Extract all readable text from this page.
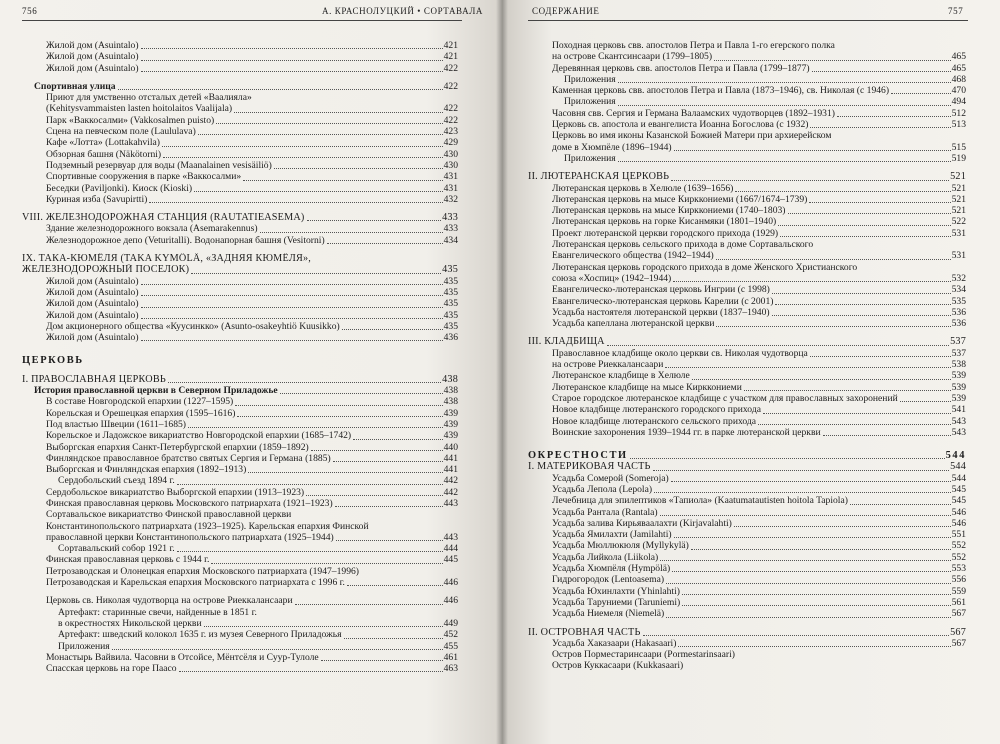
756	А. КРАСНОЛУЦКИЙ • СОРТАВАЛА
Жилой дом (Asuintalo)	421
Жилой дом (Asuintalo)	421
Жилой дом (Asuintalo)	422
Спортивная улица	422
Приют для умственно отсталых детей «Ваалияла»
(Kehitysvammaisten lasten hoitolaitos Vaalijala)	422
Парк «Ваккосалми» (Vakkosalmen puisto)	422
Сцена на певческом поле (Laululava)	423
Кафе «Лотта» (Lottakahvila)	429
Обзорная башня (Näkötorni)	430
Подземный резервуар для воды (Maanalainen vesisäiliö)	430
Спортивные сооружения в парке «Ваккосалми»	431
Беседки (Paviljonki). Киоск (Kioski)	431
Куриная изба (Savupirtti)	432
VIII. ЖЕЛЕЗНОДОРОЖНАЯ СТАНЦИЯ (RAUTATIEASEMA)	433
Здание железнодорожного вокзала (Asemarakennus)	433
Железнодорожное депо (Veturitalli). Водонапорная башня (Vesitorni)	434
IX. ТАКА-КЮМЁЛЯ (TAKA KYMÖLÄ, «ЗАДНЯЯ КЮМЁЛЯ»,
ЖЕЛЕЗНОДОРОЖНЫЙ ПОСЕЛОК)	435
Жилой дом (Asuintalo)	435
Жилой дом (Asuintalo)	435
Жилой дом (Asuintalo)	435
Жилой дом (Asuintalo)	435
Дом акционерного общества «Куусинкко» (Asunto-osakeyhtiö Kuusikko)	435
Жилой дом (Asuintalo)	436
ЦЕРКОВЬ
I. ПРАВОСЛАВНАЯ ЦЕРКОВЬ	438
История православной церкви в Северном Приладожье	438
В составе Новгородской епархии (1227–1595)	438
Корельская и Орешецкая епархия (1595–1616)	439
Под властью Швеции (1611–1685)	439
Корельское и Ладожское викариатство Новгородской епархии (1685–1742)	439
Выборгская епархия Санкт-Петербургской епархии (1859–1892)	440
Финляндское православное братство святых Сергия и Германа (1885)	441
Выборгская и Финляндская епархия (1892–1913)	441
Сердобольский съезд 1894 г.	442
Сердобольское викариатство Выборгской епархии (1913–1923)	442
Финская православная церковь Московского патриархата (1921–1923)	443
Сортавальское викариатство Финской православной церкви
Константинопольского патриархата (1923–1925). Карельская епархия Финской
православной церкви Константинопольского патриархата (1925–1944)	443
Сортавальский собор 1921 г.	444
Финская православная церковь с 1944 г.	445
Петрозаводская и Олонецкая епархия Московского патриархата (1947–1996)
Петрозаводская и Карельская епархия Московского патриархата с 1996 г.	446
Церковь св. Николая чудотворца на острове Риеккалансаари	446
Артефакт: старинные свечи, найденные в 1851 г.
в окрестностях Никольской церкви	449
Артефакт: шведский колокол 1635 г. из музея Северного Приладожья	452
Приложения	455
Монастырь Вайвила. Часовни в Отсойсе, Мёнтсёля и Суур-Тулоле	461
Спасская церковь на горе Паасо	463
СОДЕРЖАНИЕ	757
Походная церковь свв. апостолов Петра и Павла 1-го егерского полка
на острове Скантсинсаари (1799–1805)	465
Деревянная церковь свв. апостолов Петра и Павла (1799–1877)	465
Приложения	468
Каменная церковь свв. апостолов Петра и Павла (1873–1946), св. Николая (с 1946)	470
Приложения	494
Часовня свв. Сергия и Германа Валаамских чудотворцев (1892–1931)	512
Церковь св. апостола и евангелиста Иоанна Богослова (с 1932)	513
Церковь во имя иконы Казанской Божией Матери при архиерейском
доме в Хюмпёле (1896–1944)	515
Приложения	519
II. ЛЮТЕРАНСКАЯ ЦЕРКОВЬ	521
Лютеранская церковь в Хелюле (1639–1656)	521
Лютеранская церковь на мысе Кирккониеми (1667/1674–1739)	521
Лютеранская церковь на мысе Кирккониеми (1740–1803)	521
Лютеранская церковь на горке Кисанмяки (1801–1940)	522
Проект лютеранской церкви городского прихода (1929)	531
Лютеранская церковь сельского прихода в доме Сортавальского
Евангелического общества (1942–1944)	531
Лютеранская церковь городского прихода в доме Женского Христианского
союза «Хоспиц» (1942–1944)	532
Евангелическо-лютеранская церковь Ингрии (с 1998)	534
Евангелическо-лютеранская церковь Карелии (с 2001)	535
Усадьба настоятеля лютеранской церкви (1837–1940)	536
Усадьба капеллана лютеранской церкви	536
III. КЛАДБИЩА	537
Православное кладбище около церкви св. Николая чудотворца	537
на острове Риеккалансаари	538
Лютеранское кладбище в Хелюле	539
Лютеранское кладбище на мысе Кирккониеми	539
Старое городское лютеранское кладбище с участком для православных захоронений	539
Новое кладбище лютеранского городского прихода	541
Новое кладбище лютеранского сельского прихода	543
Воинские захоронения 1939–1944 гг. в парке лютеранской церкви	543
ОКРЕСТНОСТИ	544
I. МАТЕРИКОВАЯ ЧАСТЬ	544
Усадьба Сомерой (Someroja)	544
Усадьба Лепола (Lepola)	545
Лечебница для эпилептиков «Тапиола» (Kaatumatautisten hoitola Tapiola)	545
Усадьба Рантала (Rantala)	546
Усадьба залива Кирьяваалахти (Kirjavalahti)	546
Усадьба Ямилахти (Jamilahti)	551
Усадьба Мюллюкюля (Myllykylä)	552
Усадьба Лийкола (Liikola)	552
Усадьба Хюмпёля (Hympölä)	553
Гидрогородок (Lentoasema)	556
Усадьба Юхинлахти (Yhinlahti)	559
Усадьба Таруниеми (Taruniemi)	561
Усадьба Ниемеля (Niemelä)	567
II. ОСТРОВНАЯ ЧАСТЬ	567
Усадьба Хаказаари (Hakasaari)	567
Остров Порместаринсаари (Pormestarinsaari)
Остров Куккасаари (Kukkasaari)
